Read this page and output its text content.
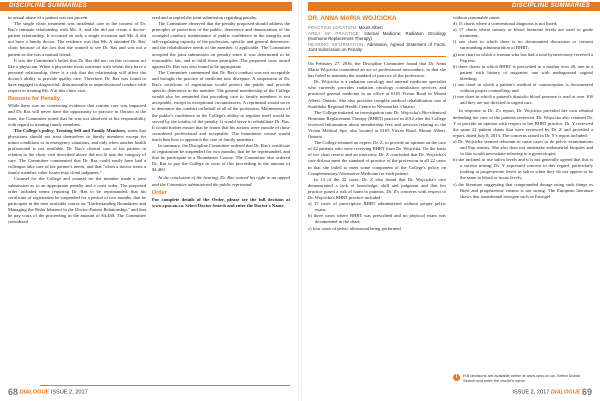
DISCIPLINE SUMMARIES

in sexual abuse of a patient was not proven.

The single clinic treatment was incidental care in the context of Dr. Ras's intimate relationship with Ms. A, and she did not create a doctor-patient relationship. It occurred on only a single occasion and Ms. A did not have a family doctor. The evidence was that Ms. A attended Dr. Ras' clinic because of the fact that she wanted to see Dr. Ras and was not a patient as she was a mutual friend.

It was the Committee's belief that Dr. Ras did not, on this occasion act like a physician. When a physician treats someone with whom they have a personal relationship, there is a risk that the relationship will affect the doctor's ability to provide quality care. Therefore, Dr. Ras was found to have engaged in disgraceful, dishonourable or unprofessional conduct with respect to treating Ms. A at this clinic visit.

Reasons for Penalty

While there was no convincing evidence that routine care was impacted and Dr. Ras will never have the opportunity to practice in Ontario at the time, the Committee noted that he was not absolved of his responsibility with regard to treating family members.

The College's policy, Treating Self and Family Members, states that physicians should not treat themselves or family members except for minor conditions or in emergency situations, and only when another health professional is not available. Dr. Ras's clinical care of his partner in relation to the clinic visit described above did not fit into the category of care. The Committee commented that Dr. Ras could easily have had a colleague take care of his partner's needs, and that "when a doctor treats a family member, other issues may cloud judgment."

Counsel for the College and counsel for the member made a joint submission as to an appropriate penalty and a costs order. The proposed order included terms requiring Dr. Ras to be reprimanded, that his certificate of registration be suspended for a period of two months, that he participate in the next available course on "Understanding Boundaries and Managing the Risks Inherent in the Doctor-Patient Relationship," and that he pay costs of the proceeding in the amount of $4,460. The Committee considered

ered and accepted the joint submission regarding penalty.

The Committee observed that the penalty proposed should address the principles of protection of the public, deterrence and denunciation of the wrongful conduct, maintenance of public confidence in the integrity and self-regulating capacity of the profession, specific and general deterrence, and the rehabilitative needs of the member, if applicable. The Committee accepted the joint submission on penalty since it was determined to be reasonable, fair, and to fulfil those principles. The proposed costs award against Dr. Ras was also found to be appropriate.

The Committee commented that Dr. Ras's conduct was not acceptable and brought the practice of medicine into disrepute. A suspension of Dr. Ras's certificate of registration would protect the public and provide specific deterrence to the member. The general membership of the College would also be reminded that providing care to family members is not acceptable, except in exceptional circumstances. A reprimand would serve to denounce the conduct on behalf of all of the profession. Maintenance of the public's confidence in the College's ability to regulate itself would be served by the totality of the penalty. It would serve to rehabilitate Dr. Ras. It would further ensure that he learns that his actions were outside of those considered professional and acceptable. The boundaries course would teach him how to approach the care of family members.

In summary, the Discipline Committee ordered that Dr. Ras's certificate of registration be suspended for two months, that he be reprimanded, and that he participate in a Boundaries Course. The Committee also ordered Dr. Ras to pay the College in costs of this proceeding in the amount of $4,460.

At the conclusion of the hearing, Dr. Ras waived his right to an appeal and the Committee administered the public reprimand.

Order

For complete details of the Order, please see the full decision at www.cpso.on.ca. Select Doctor Search and enter the Doctor's Name.

68 DIALOGUE ISSUE 2, 2017
DISCIPLINE SUMMARIES
DR. ANNA MARIA WOJCICKA
PRACTICE LOCATION: Mount Albert
AREA OF PRACTICE: Internal Medicine; Radiation Oncology (Hormone Replacement Therapy)
HEARING INFORMATION: Admission, Agreed Statement of Facts, Joint Submission on Penalty

On February 27, 2016, the Discipline Committee found that Dr. Anna Maria Wojcicka committed an act of professional misconduct, in that she has failed to maintain the standard of practice of the profession.

Dr. Wojcicka is a radiation oncology and internal medicine specialist who currently provides radiation oncology consultation services and practiced general medicine in an office at 6165 Vivian Road in Mount Albert, Ontario. She also provides complex medical rehabilitation care at Southlake Regional Health Centre in Newmarket, Ontario.

The College initiated an investigation into Dr. Wojcicka's Bio-identical Hormone Replacement Therapy (BHRT) practice in 2012 after the College received information about membership fees and services relating to the Vivian Medical Spa, also located at 6165 Vivian Road, Mount Albert, Ontario.

The College retained an expert, Dr. Z, to provide an opinion on the care of 22 patients who were receiving BHRT from Dr. Wojcicka. On the basis of her chart review and an interview, Dr. Z concluded that Dr. Wojcicka's care did not meet the standard of practice of the profession in all 22 cases in that she failed to meet some component of the College's policy on Complementary/Alternative Medicine for each patient.

In 14 of the 22 cases, Dr. Z also found that Dr. Wojcicka's care demonstrated a lack of knowledge, skill and judgment and that her practice posed a risk of harm to patients. Dr. Z's concerns with respect to Dr. Wojcicka's BHRT practice included:

a) 17 cases of prescriptive BHRT administered without proper pelvic exam;
b) three cases where BHRT was prescribed and no physical exam was documented in the chart;
c) four cases of pelvic ultrasound being performed
without reasonable cause;
d) 15 charts where a conventional diagnosis is not listed;
e) 17 charts where urinary or blood hormone levels are used to guide treatment;
f) one chart in which there is no documented discussion or consent surrounding administration of BHRT;
g) one chart in which a woman who has had a total hysterectomy received a Pap test;
h) three charts in which BHRT is prescribed to a mother over 40, one in a patient with history of migraine; one with undiagnosed vaginal bleeding;
i) one chart in which a patient's method of contraception is documented without proper counselling; and
j) one chart in which a patient's diastolic blood pressure is read at over 100 and they are not directed to urgent care.

In response to Dr. Z's report, Dr. Wojcicka provided her own rebuttal defending her care of the patients reviewed. Dr. Wojcicka also retained Dr. Y to provide an opinion with respect to her BHRT practice. Dr. Y reviewed the same 22 patient charts that were reviewed by Dr. Z and provided a report, dated July 8, 2013. The concerns raised in Dr. Y's report included:

a) Dr. Wojcicka seemed reluctant in some cases to do pelvic examinations and Pap smears. She also does not undertake endometrial biopsies and so this would necessitate referring to a gynecologist;
b) she inclined to use saliva levels and it is not generally agreed that this is a current testing. Dr. Y expressed concern in this regard, particularly looking at progesterone levels in saliva when they do not appear to be the same in blood or tissue levels;
c) the literature suggesting that compounded dosage using such things as Biest and progesterone creams is not strong. The European literature shows that transdermal estrogen such as Estrogel
ISSUE 2, 2017 DIALOGUE 69
i	Full decisions are available online at www.cpso.on.ca. Select Doctor Search and enter the doctor's name.
